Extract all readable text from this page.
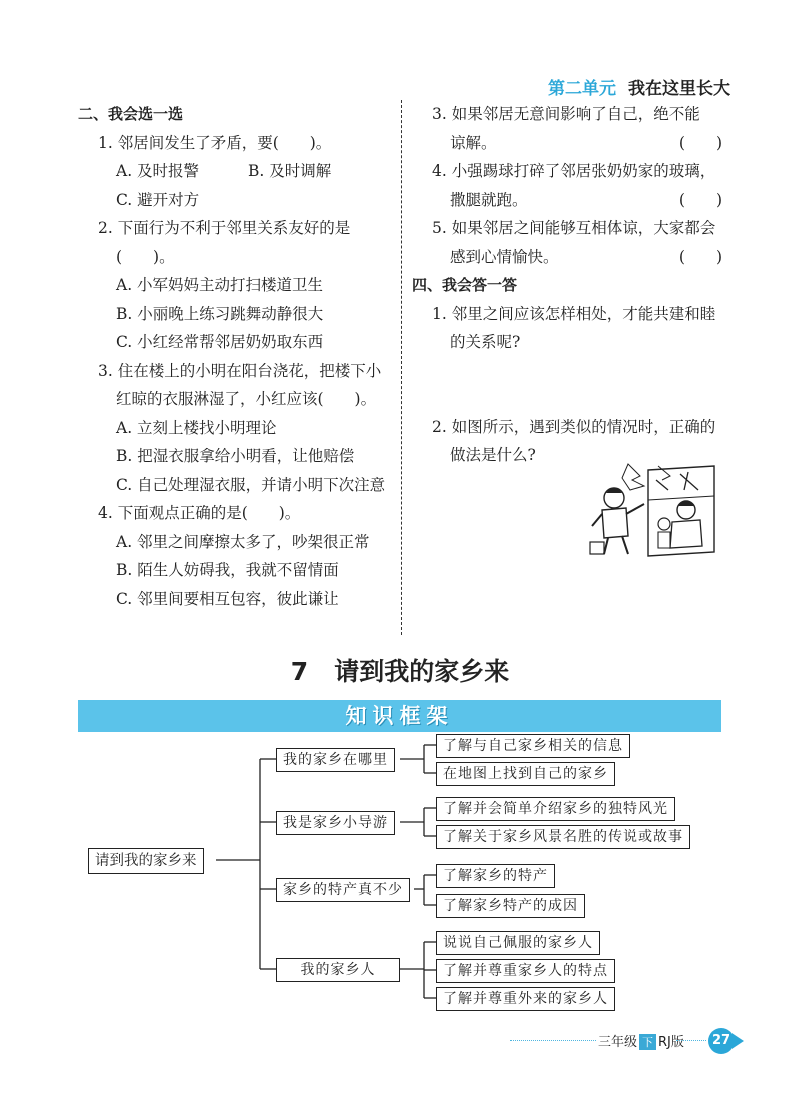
第二单元 我在这里长大
二、我会选一选
1. 邻居间发生了矛盾，要(　　)。
A. 及时报警	B. 及时调解
C. 避开对方
2. 下面行为不利于邻里关系友好的是
(　　)。
A. 小军妈妈主动打扫楼道卫生
B. 小丽晚上练习跳舞动静很大
C. 小红经常帮邻居奶奶取东西
3. 住在楼上的小明在阳台浇花，把楼下小
红晾的衣服淋湿了，小红应该(　　)。
A. 立刻上楼找小明理论
B. 把湿衣服拿给小明看，让他赔偿
C. 自己处理湿衣服，并请小明下次注意
4. 下面观点正确的是(　　)。
A. 邻里之间摩擦太多了，吵架很正常
B. 陌生人妨碍我，我就不留情面
C. 邻里间要相互包容，彼此谦让
3. 如果邻居无意间影响了自己，绝不能
谅解。	(　　)
4. 小强踢球打碎了邻居张奶奶家的玻璃，
撒腿就跑。	(　　)
5. 如果邻居之间能够互相体谅，大家都会
感到心情愉快。	(　　)
四、我会答一答
1. 邻里之间应该怎样相处，才能共建和睦
的关系呢?
2. 如图所示，遇到类似的情况时，正确的
做法是什么?
7 请到我的家乡来
知识框架
请到我的家乡来
我的家乡在哪里
了解与自己家乡相关的信息
在地图上找到自己的家乡
我是家乡小导游
了解并会简单介绍家乡的独特风光
了解关于家乡风景名胜的传说或故事
家乡的特产真不少
了解家乡的特产
了解家乡特产的成因
我的家乡人
说说自己佩服的家乡人
了解并尊重家乡人的特点
了解并尊重外来的家乡人
三年级 下 RJ版	27
